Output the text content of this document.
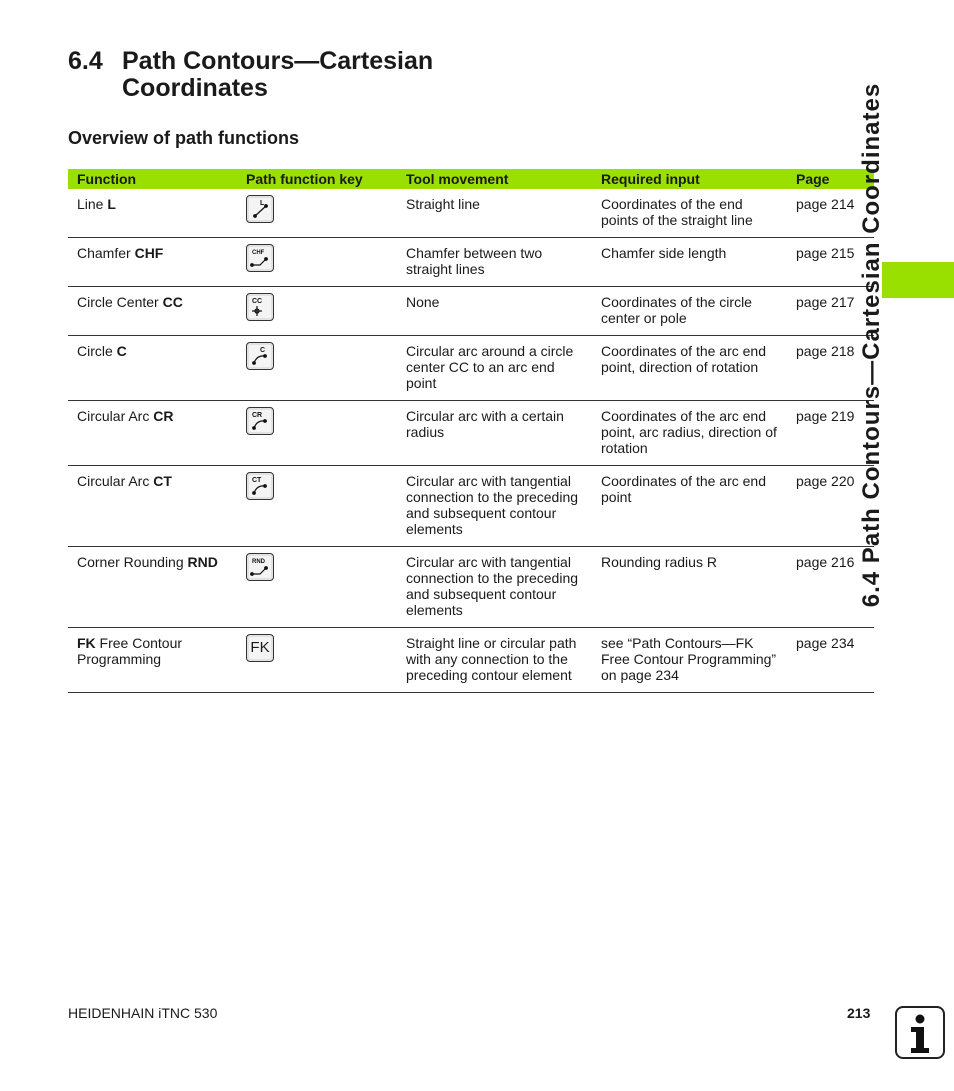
6.4 Path Contours—Cartesian
Coordinates
Overview of path functions
Function	Path function key	Tool movement	Required input	Page
Line L	L	Straight line	Coordinates of the end points of the straight line	page 214
Chamfer CHF	CHF	Chamfer between two straight lines	Chamfer side length	page 215
Circle Center CC	CC	None	Coordinates of the circle center or pole	page 217
Circle C	C	Circular arc around a circle center CC to an arc end point	Coordinates of the arc end point, direction of rotation	page 218
Circular Arc CR	CR	Circular arc with a certain radius	Coordinates of the arc end point, arc radius, direction of rotation	page 219
Circular Arc CT	CT	Circular arc with tangential connection to the preceding and subsequent contour elements	Coordinates of the arc end point	page 220
Corner Rounding RND	RND	Circular arc with tangential connection to the preceding and subsequent contour elements	Rounding radius R	page 216
FK Free Contour Programming	FK	Straight line or circular path with any connection to the preceding contour element	see “Path Contours—FK Free Contour Programming” on page 234	page 234
6.4 Path Contours—Cartesian Coordinates
HEIDENHAIN iTNC 530	213
